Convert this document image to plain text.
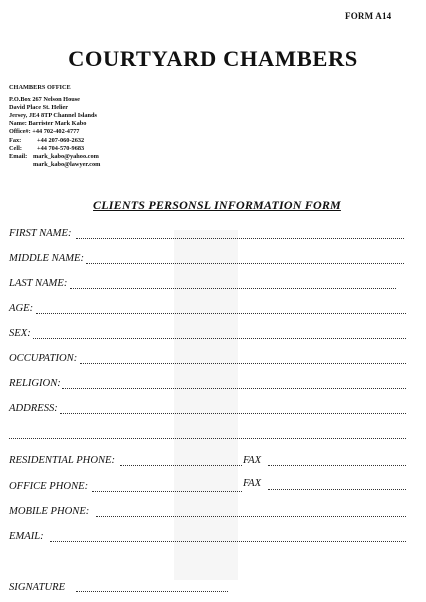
FORM A14
COURTYARD CHAMBERS
CHAMBERS OFFICE
P.O.Box 267 Nelson House
David Place St. Helier
Jersey, JE4 8TP Channel Islands
Name:
Barrister Mark Kabo
Office#:
+44 702-402-4777
Fax:	+44 207-060-2632
Cell:	+44 704-570-9683
Email: mark_kabo@yahoo.com
mark_kabo@lawyer.com
CLIENTS PERSONSL INFORMATION FORM
FIRST NAME:
MIDDLE NAME:
LAST NAME:
AGE:
SEX:
OCCUPATION:
RELIGION:
ADDRESS:
RESIDENTIAL PHONE:	FAX
OFFICE PHONE:	FAX
MOBILE PHONE:
EMAIL:
SIGNATURE
